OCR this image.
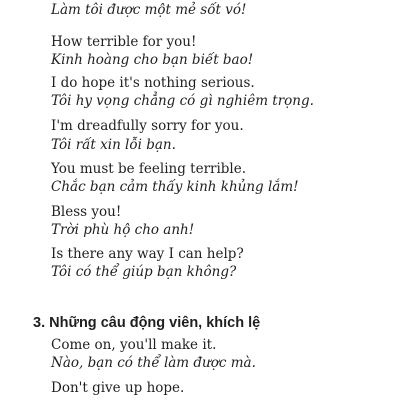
Làm tôi được một mẻ sốt vó!
How terrible for you!
Kinh hoàng cho bạn biết bao!
I do hope it's nothing serious.
Tôi hy vọng chẳng có gì nghiêm trọng.
I'm dreadfully sorry for you.
Tôi rất xin lỗi bạn.
You must be feeling terrible.
Chắc bạn cảm thấy kinh khủng lắm!
Bless you!
Trời phù hộ cho anh!
Is there any way I can help?
Tôi có thể giúp bạn không?
3. Những câu động viên, khích lệ
Come on, you'll make it.
Nào, bạn có thể làm được mà.
Don't give up hope.
